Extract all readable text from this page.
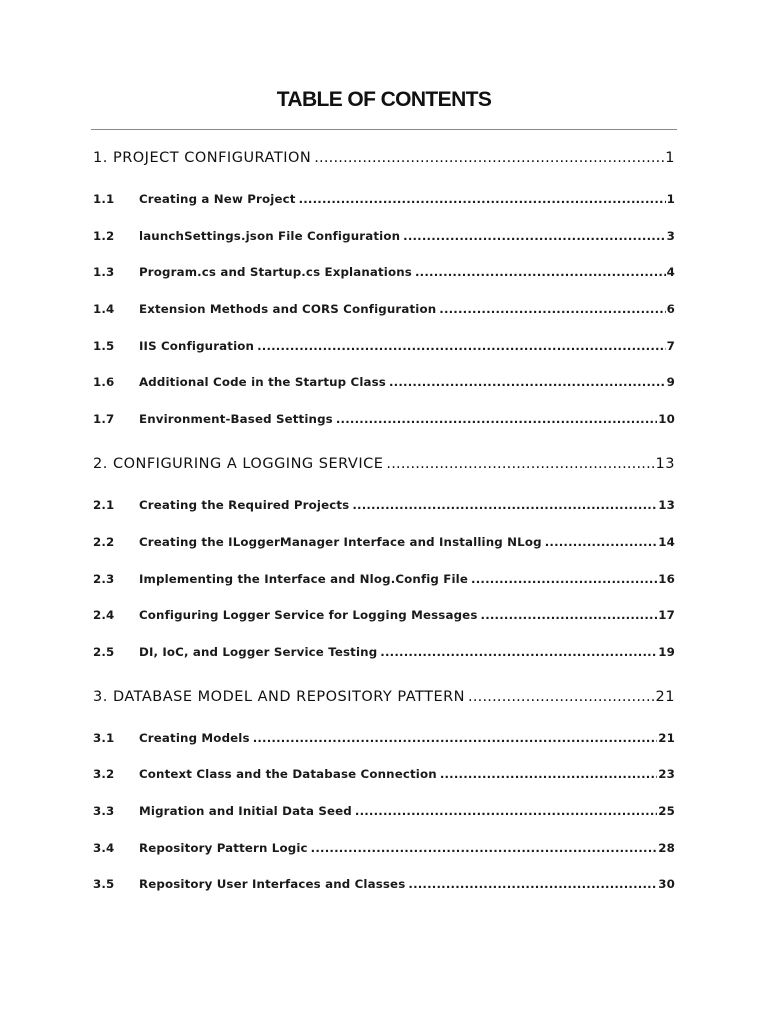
TABLE OF CONTENTS
1. PROJECT CONFIGURATION .....	1
1.1	Creating a New Project .....	1
1.2	launchSettings.json File Configuration .....	3
1.3	Program.cs and Startup.cs Explanations .....	4
1.4	Extension Methods and CORS Configuration .....	6
1.5	IIS Configuration .....	7
1.6	Additional Code in the Startup Class .....	9
1.7	Environment-Based Settings .....	10
2. CONFIGURING A LOGGING SERVICE .....	13
2.1	Creating the Required Projects .....	13
2.2	Creating the ILoggerManager Interface and Installing NLog .....	14
2.3	Implementing the Interface and Nlog.Config File .....	16
2.4	Configuring Logger Service for Logging Messages .....	17
2.5	DI, IoC, and Logger Service Testing .....	19
3. DATABASE MODEL AND REPOSITORY PATTERN .....	21
3.1	Creating Models .....	21
3.2	Context Class and the Database Connection .....	23
3.3	Migration and Initial Data Seed .....	25
3.4	Repository Pattern Logic .....	28
3.5	Repository User Interfaces and Classes .....	30
